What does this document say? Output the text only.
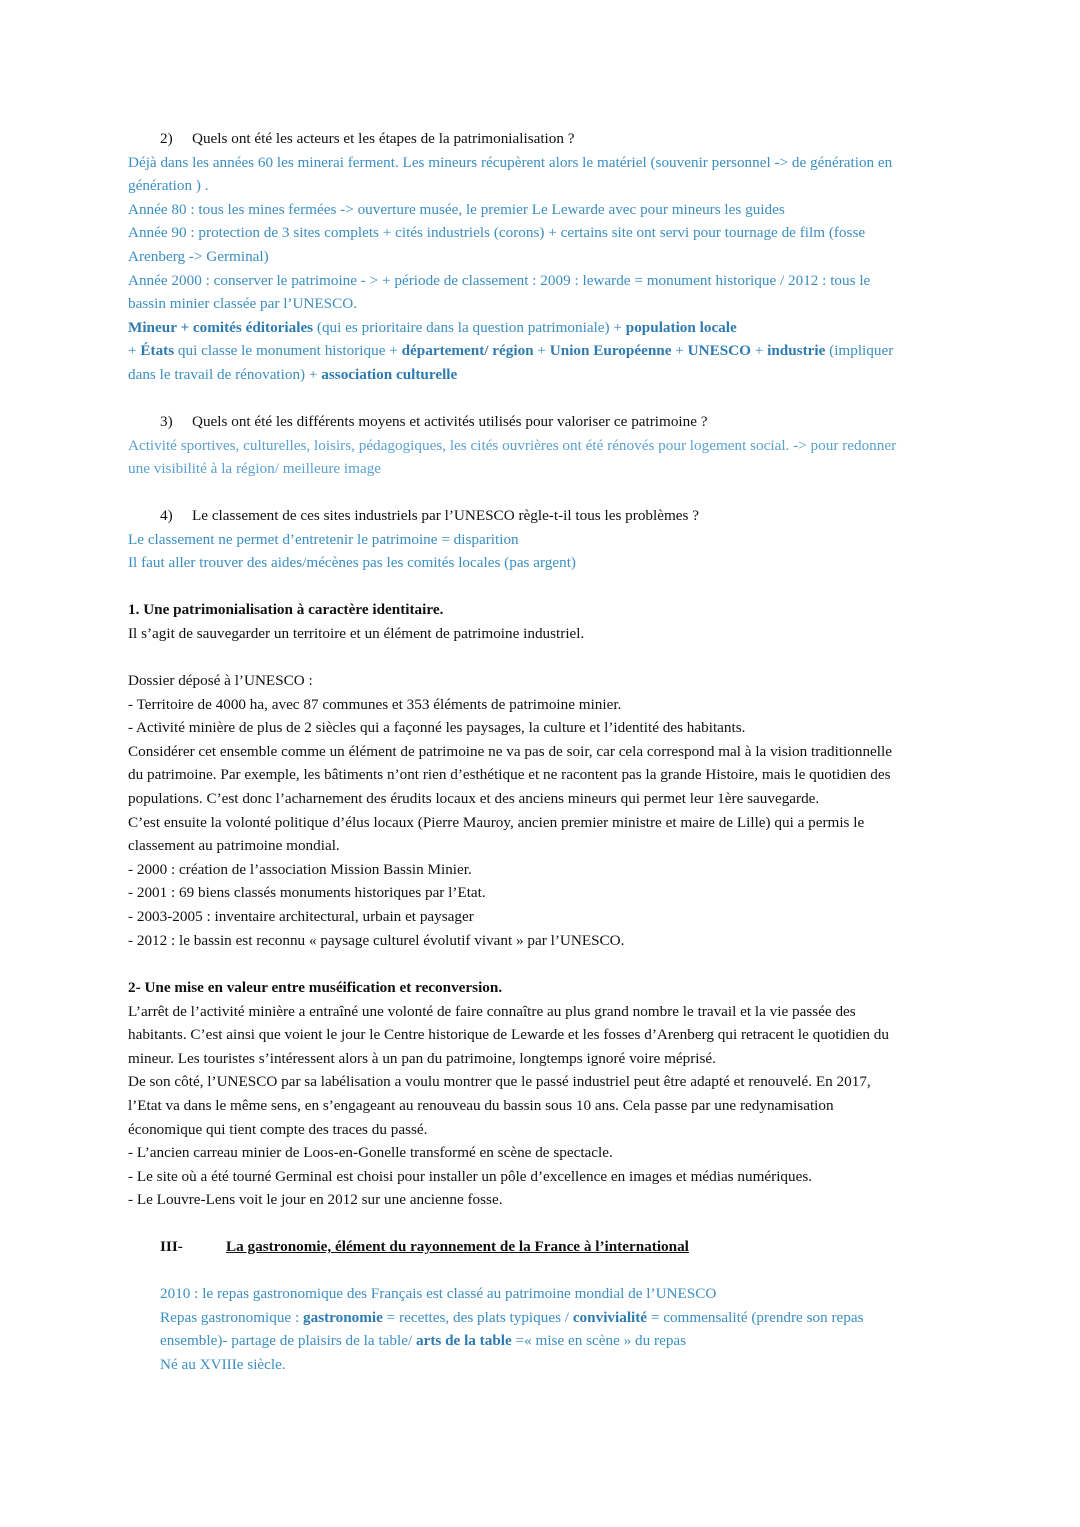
2) Quels ont été les acteurs et les étapes de la patrimonialisation ?
Déjà dans les années 60 les minerai ferment. Les mineurs récupèrent alors le matériel (souvenir personnel -> de génération en
génération ) .
Année 80 : tous les mines fermées -> ouverture musée, le premier Le Lewarde avec pour mineurs les guides
Année 90 : protection de 3 sites complets + cités industriels (corons) + certains site ont servi pour tournage de film (fosse
Arenberg -> Germinal)
Année 2000 : conserver le patrimoine - > + période de classement : 2009 : lewarde = monument historique / 2012 : tous le
bassin minier classée par l’UNESCO.
Mineur + comités éditoriales (qui es prioritaire dans la question patrimoniale) + population locale
+ États qui classe le monument historique + département/ région + Union Européenne + UNESCO + industrie (impliquer
dans le travail de rénovation) + association culturelle
3) Quels ont été les différents moyens et activités utilisés pour valoriser ce patrimoine ?
Activité sportives, culturelles, loisirs, pédagogiques, les cités ouvrières ont été rénovés pour logement social. -> pour redonner
une visibilité à la région/ meilleure image
4) Le classement de ces sites industriels par l’UNESCO règle-t-il tous les problèmes ?
Le classement ne permet d’entretenir le patrimoine = disparition
Il faut aller trouver des aides/mécènes pas les comités locales (pas argent)
1. Une patrimonialisation à caractère identitaire.
Il s’agit de sauvegarder un territoire et un élément de patrimoine industriel.
Dossier déposé à l’UNESCO :
- Territoire de 4000 ha, avec 87 communes et 353 éléments de patrimoine minier.
- Activité minière de plus de 2 siècles qui a façonné les paysages, la culture et l’identité des habitants.
Considérer cet ensemble comme un élément de patrimoine ne va pas de soir, car cela correspond mal à la vision traditionnelle
du patrimoine. Par exemple, les bâtiments n’ont rien d’esthétique et ne racontent pas la grande Histoire, mais le quotidien des
populations. C’est donc l’acharnement des érudits locaux et des anciens mineurs qui permet leur 1ère sauvegarde.
C’est ensuite la volonté politique d’élus locaux (Pierre Mauroy, ancien premier ministre et maire de Lille) qui a permis le
classement au patrimoine mondial.
- 2000 : création de l’association Mission Bassin Minier.
- 2001 : 69 biens classés monuments historiques par l’Etat.
- 2003-2005 : inventaire architectural, urbain et paysager
- 2012 : le bassin est reconnu « paysage culturel évolutif vivant » par l’UNESCO.
2- Une mise en valeur entre muséification et reconversion.
L’arrêt de l’activité minière a entraîné une volonté de faire connaître au plus grand nombre le travail et la vie passée des
habitants. C’est ainsi que voient le jour le Centre historique de Lewarde et les fosses d’Arenberg qui retracent le quotidien du
mineur. Les touristes s’intéressent alors à un pan du patrimoine, longtemps ignoré voire méprisé.
De son côté, l’UNESCO par sa labélisation a voulu montrer que le passé industriel peut être adapté et renouvelé. En 2017,
l’Etat va dans le même sens, en s’engageant au renouveau du bassin sous 10 ans. Cela passe par une redynamisation
économique qui tient compte des traces du passé.
- L’ancien carreau minier de Loos-en-Gonelle transformé en scène de spectacle.
- Le site où a été tourné Germinal est choisi pour installer un pôle d’excellence en images et médias numériques.
- Le Louvre-Lens voit le jour en 2012 sur une ancienne fosse.
III-	La gastronomie, élément du rayonnement de la France à l’international
2010 : le repas gastronomique des Français est classé au patrimoine mondial de l’UNESCO
Repas gastronomique : gastronomie = recettes, des plats typiques / convivialité = commensalité (prendre son repas
ensemble)- partage de plaisirs de la table/ arts de la table =« mise en scène » du repas
Né au XVIIIe siècle.
